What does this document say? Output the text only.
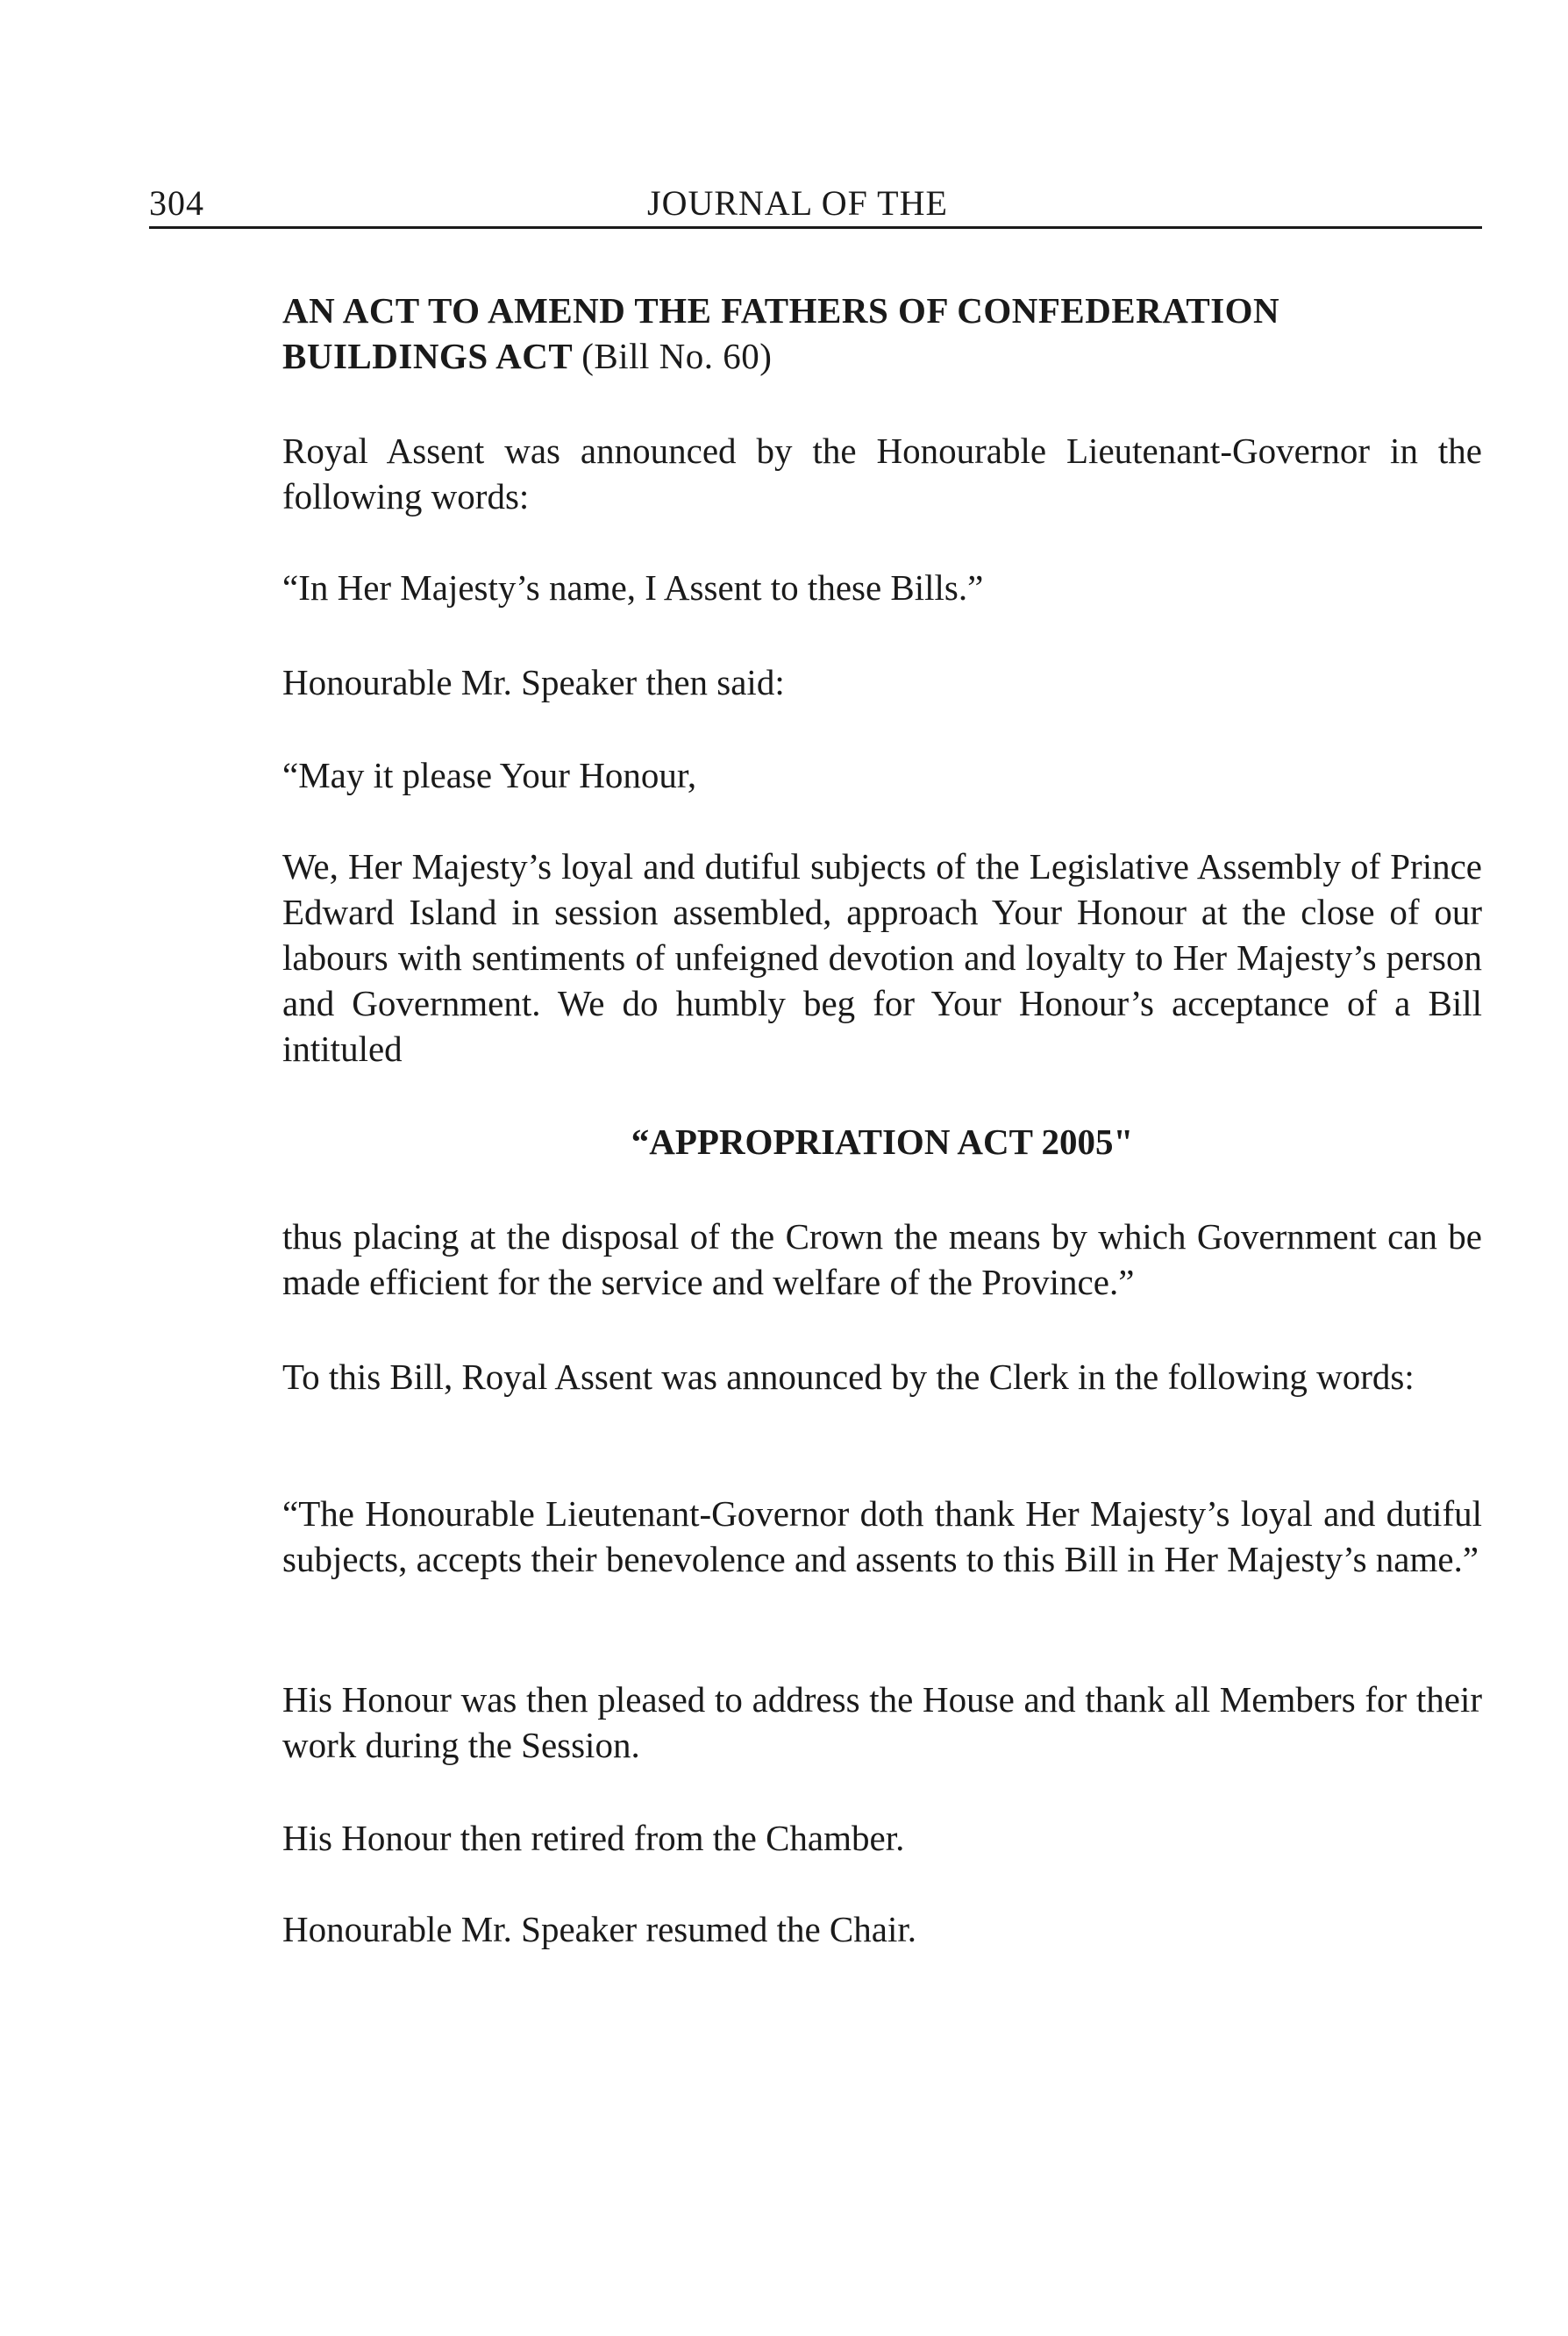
304	JOURNAL OF THE

AN ACT TO AMEND THE FATHERS OF CONFEDERATION BUILDINGS ACT (Bill No. 60)

Royal Assent was announced by the Honourable Lieutenant-Governor in the following words:

“In Her Majesty’s name, I Assent to these Bills.”

Honourable Mr. Speaker then said:

“May it please Your Honour,

We, Her Majesty’s loyal and dutiful subjects of the Legislative Assembly of Prince Edward Island in session assembled, approach Your Honour at the close of our labours with sentiments of unfeigned devotion and loyalty to Her Majesty’s person and Government. We do humbly beg for Your Honour’s acceptance of a Bill intituled

“APPROPRIATION ACT 2005"

thus placing at the disposal of the Crown the means by which Government can be made efficient for the service and welfare of the Province.”

To this Bill, Royal Assent was announced by the Clerk in the following words:

“The Honourable Lieutenant-Governor doth thank Her Majesty’s loyal and dutiful subjects, accepts their benevolence and assents to this Bill in Her Majesty’s name.”

His Honour was then pleased to address the House and thank all Members for their work during the Session.

His Honour then retired from the Chamber.

Honourable Mr. Speaker resumed the Chair.
